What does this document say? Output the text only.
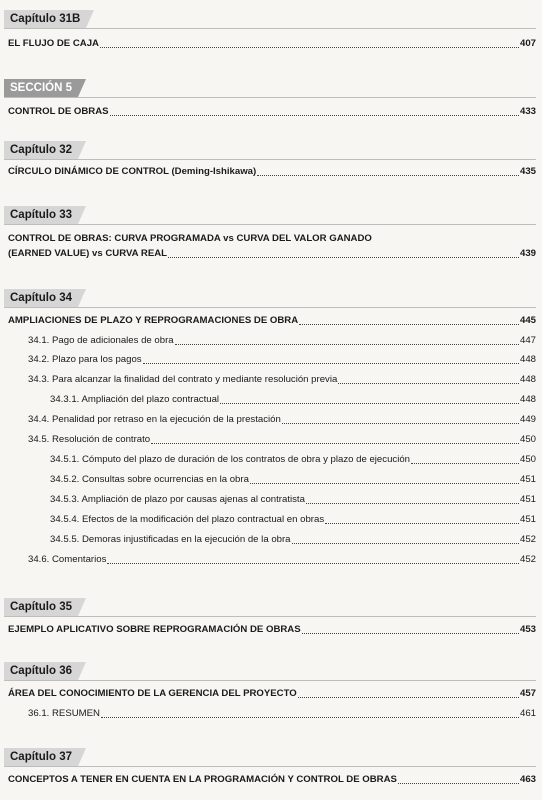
Capítulo 31B
EL FLUJO DE CAJA	407
SECCIÓN 5
CONTROL DE OBRAS	433
Capítulo 32
CÍRCULO DINÁMICO DE CONTROL (Deming-Ishikawa)	435
Capítulo 33
CONTROL DE OBRAS: CURVA PROGRAMADA vs CURVA DEL VALOR GANADO
(EARNED VALUE) vs CURVA REAL	439
Capítulo 34
AMPLIACIONES DE PLAZO Y REPROGRAMACIONES DE OBRA	445
34.1. Pago de adicionales de obra	447
34.2. Plazo para los pagos	448
34.3. Para alcanzar la finalidad del contrato y mediante resolución previa	448
34.3.1. Ampliación del plazo contractual	448
34.4. Penalidad por retraso en la ejecución de la prestación	449
34.5. Resolución de contrato	450
34.5.1. Cómputo del plazo de duración de los contratos de obra y plazo de ejecución	450
34.5.2. Consultas sobre ocurrencias en la obra	451
34.5.3. Ampliación de plazo por causas ajenas al contratista	451
34.5.4. Efectos de la modificación del plazo contractual en obras	451
34.5.5. Demoras injustificadas en la ejecución de la obra	452
34.6. Comentarios	452
Capítulo 35
EJEMPLO APLICATIVO SOBRE REPROGRAMACIÓN DE OBRAS	453
Capítulo 36
ÁREA DEL CONOCIMIENTO DE LA GERENCIA DEL PROYECTO	457
36.1. RESUMEN	461
Capítulo 37
CONCEPTOS A TENER EN CUENTA EN LA PROGRAMACIÓN Y CONTROL DE OBRAS	463
